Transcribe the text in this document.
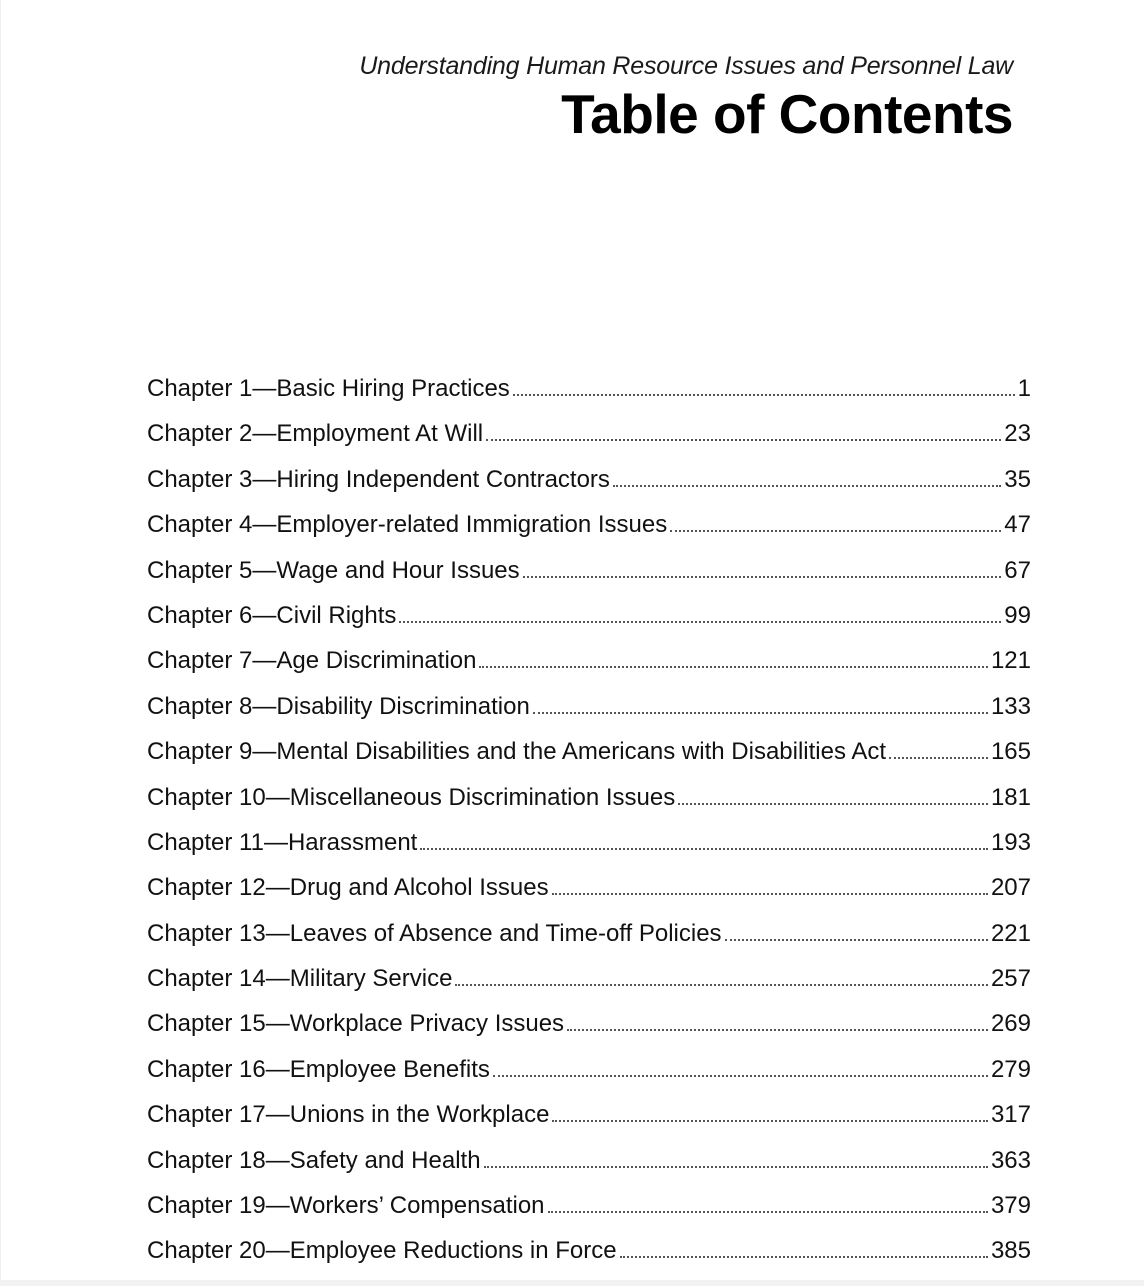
Understanding Human Resource Issues and Personnel Law
Table of Contents
Chapter 1—Basic Hiring Practices	1
Chapter 2—Employment At Will	23
Chapter 3—Hiring Independent Contractors	35
Chapter 4—Employer-related Immigration Issues	47
Chapter 5—Wage and Hour Issues	67
Chapter 6—Civil Rights	99
Chapter 7—Age Discrimination	121
Chapter 8—Disability Discrimination	133
Chapter 9—Mental Disabilities and the Americans with Disabilities Act	165
Chapter 10—Miscellaneous Discrimination Issues	181
Chapter 11—Harassment	193
Chapter 12—Drug and Alcohol Issues	207
Chapter 13—Leaves of Absence and Time-off Policies	221
Chapter 14—Military Service	257
Chapter 15—Workplace Privacy Issues	269
Chapter 16—Employee Benefits	279
Chapter 17—Unions in the Workplace	317
Chapter 18—Safety and Health	363
Chapter 19—Workers’ Compensation	379
Chapter 20—Employee Reductions in Force	385
